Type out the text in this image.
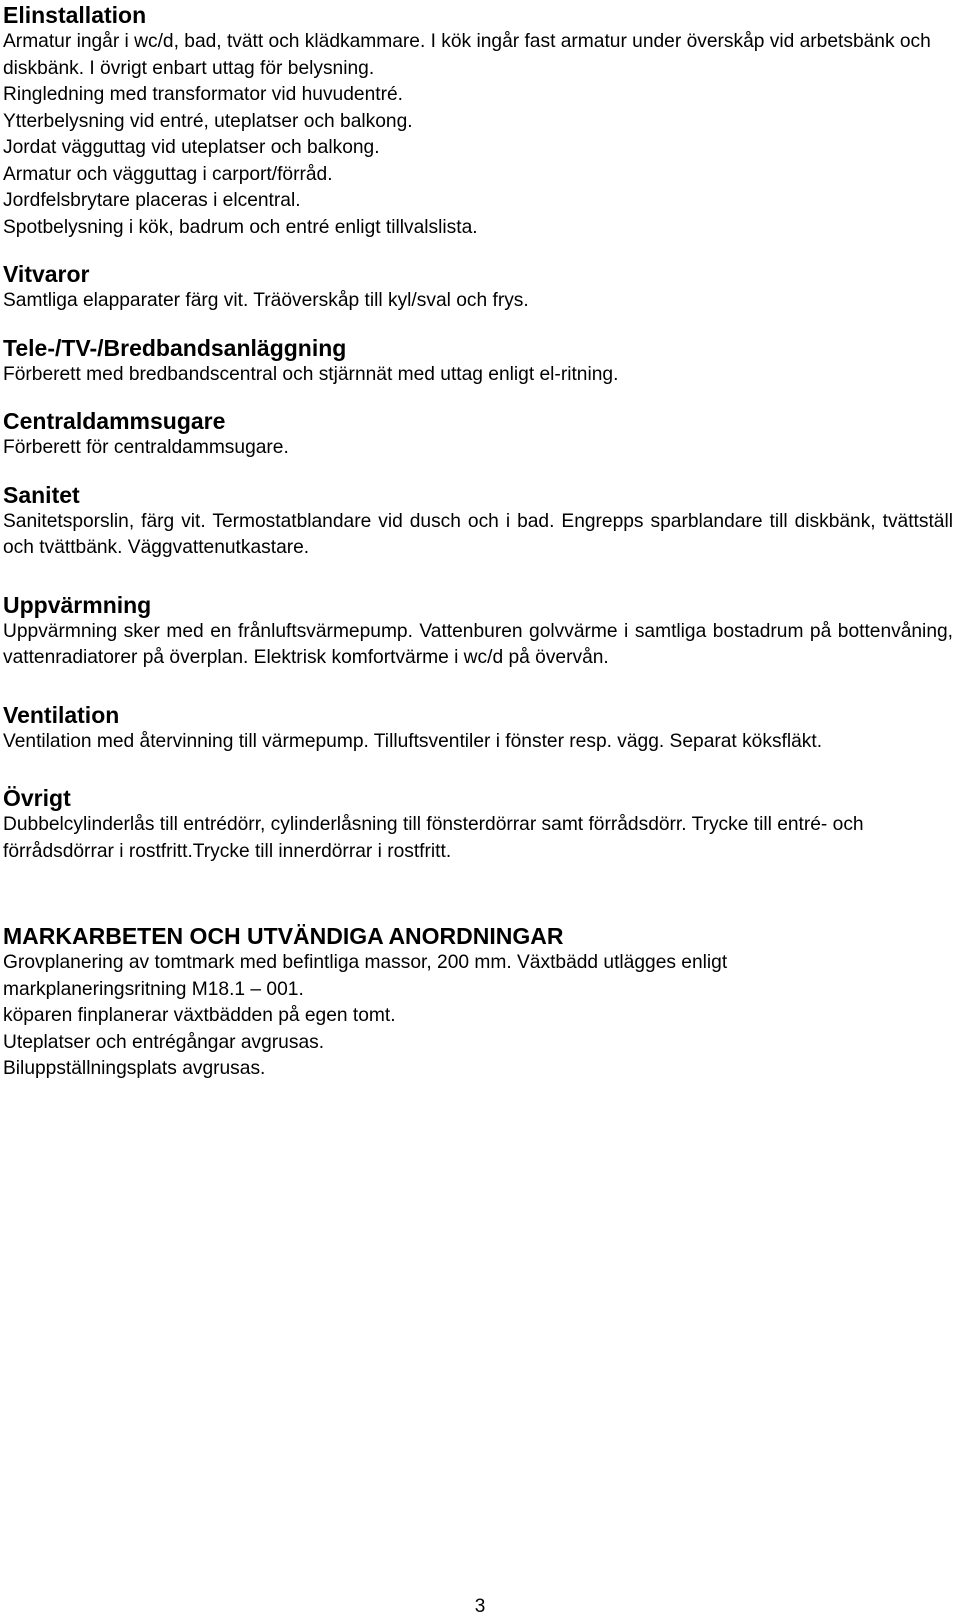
Elinstallation

Armatur ingår i wc/d, bad, tvätt och klädkammare. I kök ingår fast armatur under överskåp vid arbetsbänk och diskbänk. I övrigt enbart uttag för belysning.

Ringledning med transformator vid huvudentré.

Ytterbelysning vid entré, uteplatser och balkong.

Jordat vägguttag vid uteplatser och balkong.

Armatur och vägguttag i carport/förråd.

Jordfelsbrytare placeras i elcentral.

Spotbelysning i kök, badrum och entré enligt tillvalslista.

Vitvaror

Samtliga elapparater färg vit. Träöverskåp till kyl/sval och frys.

Tele-/TV-/Bredbandsanläggning

Förberett med bredbandscentral och stjärnnät med uttag enligt el-ritning.

Centraldammsugare

Förberett för centraldammsugare.

Sanitet

Sanitetsporslin, färg vit. Termostatblandare vid dusch och i bad. Engrepps sparblandare till diskbänk, tvättställ och tvättbänk. Väggvattenutkastare.

Uppvärmning

Uppvärmning sker med en frånluftsvärmepump. Vattenburen golvvärme i samtliga bostadrum på bottenvåning, vattenradiatorer på överplan. Elektrisk komfortvärme i wc/d på övervån.

Ventilation

Ventilation med återvinning till värmepump. Tilluftsventiler i fönster resp. vägg. Separat köksfläkt.

Övrigt

Dubbelcylinderlås till entrédörr, cylinderlåsning till fönsterdörrar samt förrådsdörr. Trycke till entré- och förrådsdörrar i rostfritt.Trycke till innerdörrar i rostfritt.

MARKARBETEN OCH UTVÄNDIGA ANORDNINGAR

Grovplanering av tomtmark med befintliga massor, 200 mm. Växtbädd utlägges enligt markplaneringsritning M18.1 – 001.

köparen finplanerar växtbädden på egen tomt.

Uteplatser och entrégångar avgrusas.

Biluppställningsplats avgrusas.

3
